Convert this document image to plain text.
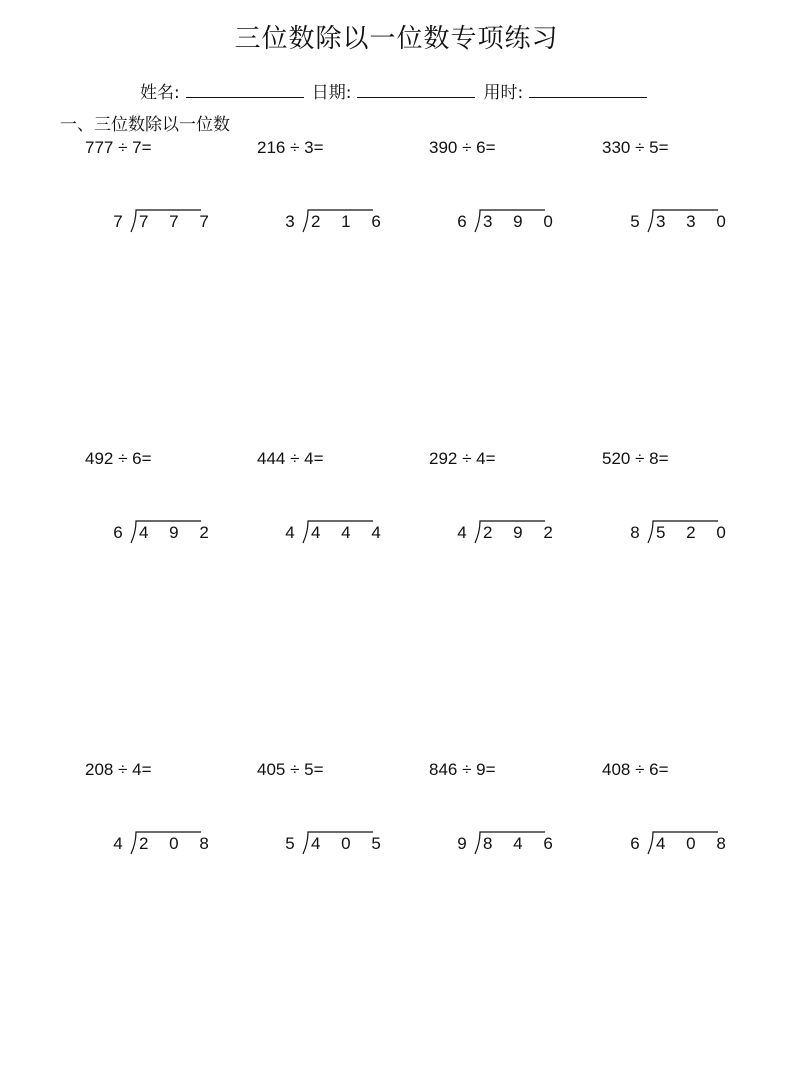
三位数除以一位数专项练习
姓名:	日期:	用时:
一、三位数除以一位数
777 ÷ 7=
7 7 7 7
216 ÷ 3=
3 2 1 6
390 ÷ 6=
6 3 9 0
330 ÷ 5=
5 3 3 0
492 ÷ 6=
6 4 9 2
444 ÷ 4=
4 4 4 4
292 ÷ 4=
4 2 9 2
520 ÷ 8=
8 5 2 0
208 ÷ 4=
4 2 0 8
405 ÷ 5=
5 4 0 5
846 ÷ 9=
9 8 4 6
408 ÷ 6=
6 4 0 8
